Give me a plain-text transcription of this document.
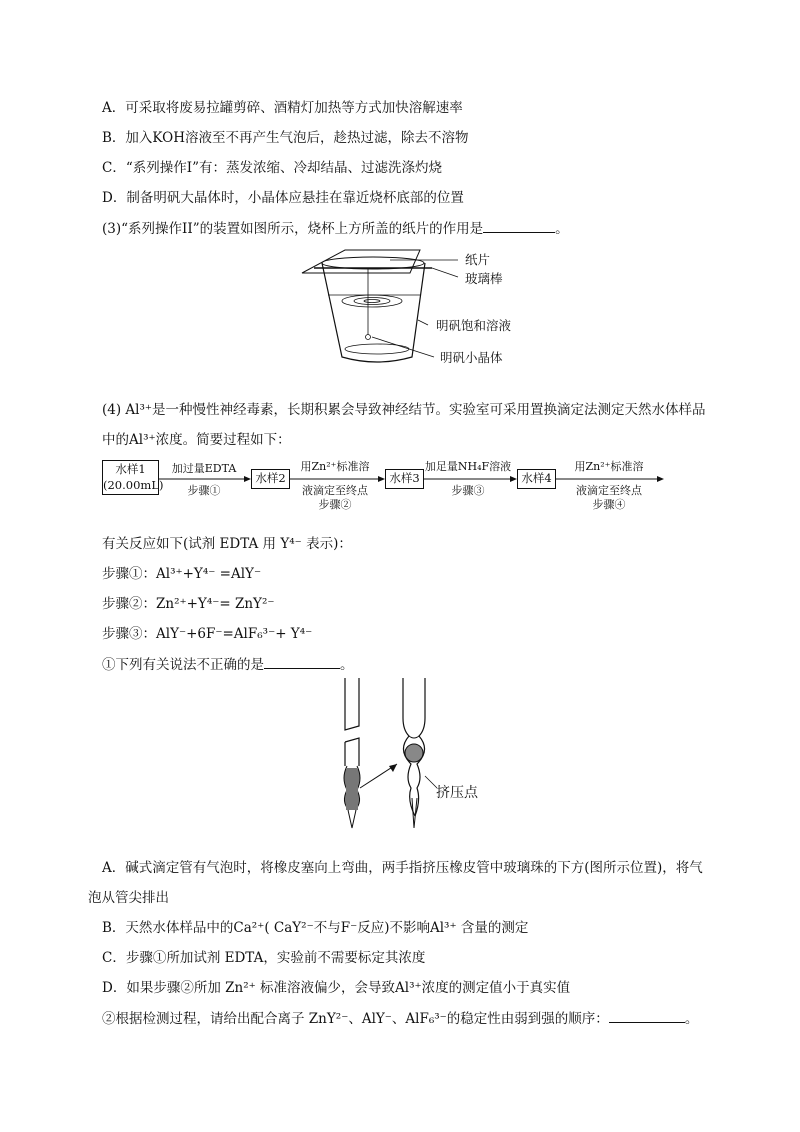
A．可采取将废易拉罐剪碎、酒精灯加热等方式加快溶解速率
B．加入KOH溶液至不再产生气泡后，趁热过滤，除去不溶物
C．“系列操作I”有：蒸发浓缩、冷却结晶、过滤洗涤灼烧
D．制备明矾大晶体时，小晶体应悬挂在靠近烧杯底部的位置
(3)“系列操作II”的装置如图所示，烧杯上方所盖的纸片的作用是	。
纸片
玻璃棒
明矾饱和溶液
明矾小晶体
(4) Al³⁺是一种慢性神经毒素，长期积累会导致神经结节。实验室可采用置换滴定法测定天然水体样品
中的Al³⁺浓度。简要过程如下：
水样1
(20.00mL)
加过量EDTA
步骤①
水样2
用Zn²⁺标准溶
液滴定至终点
步骤②
水样3
加足量NH₄F溶液
步骤③
水样4
用Zn²⁺标准溶
液滴定至终点
步骤④
有关反应如下(试剂 EDTA 用 Y⁴⁻ 表示)：
步骤①：Al³⁺+Y⁴⁻ =AlY⁻
步骤②：Zn²⁺+Y⁴⁻= ZnY²⁻
步骤③：AlY⁻+6F⁻=AlF₆³⁻+ Y⁴⁻
①下列有关说法不正确的是	。
挤压点
A．碱式滴定管有气泡时，将橡皮塞向上弯曲，两手指挤压橡皮管中玻璃珠的下方(图所示位置)，将气
泡从管尖排出
B．天然水体样品中的Ca²⁺( CaY²⁻不与F⁻反应)不影响Al³⁺ 含量的测定
C．步骤①所加试剂 EDTA，实验前不需要标定其浓度
D．如果步骤②所加 Zn²⁺ 标准溶液偏少，会导致Al³⁺浓度的测定值小于真实值
②根据检测过程，请给出配合离子 ZnY²⁻、AlY⁻、AlF₆³⁻的稳定性由弱到强的顺序：	。
